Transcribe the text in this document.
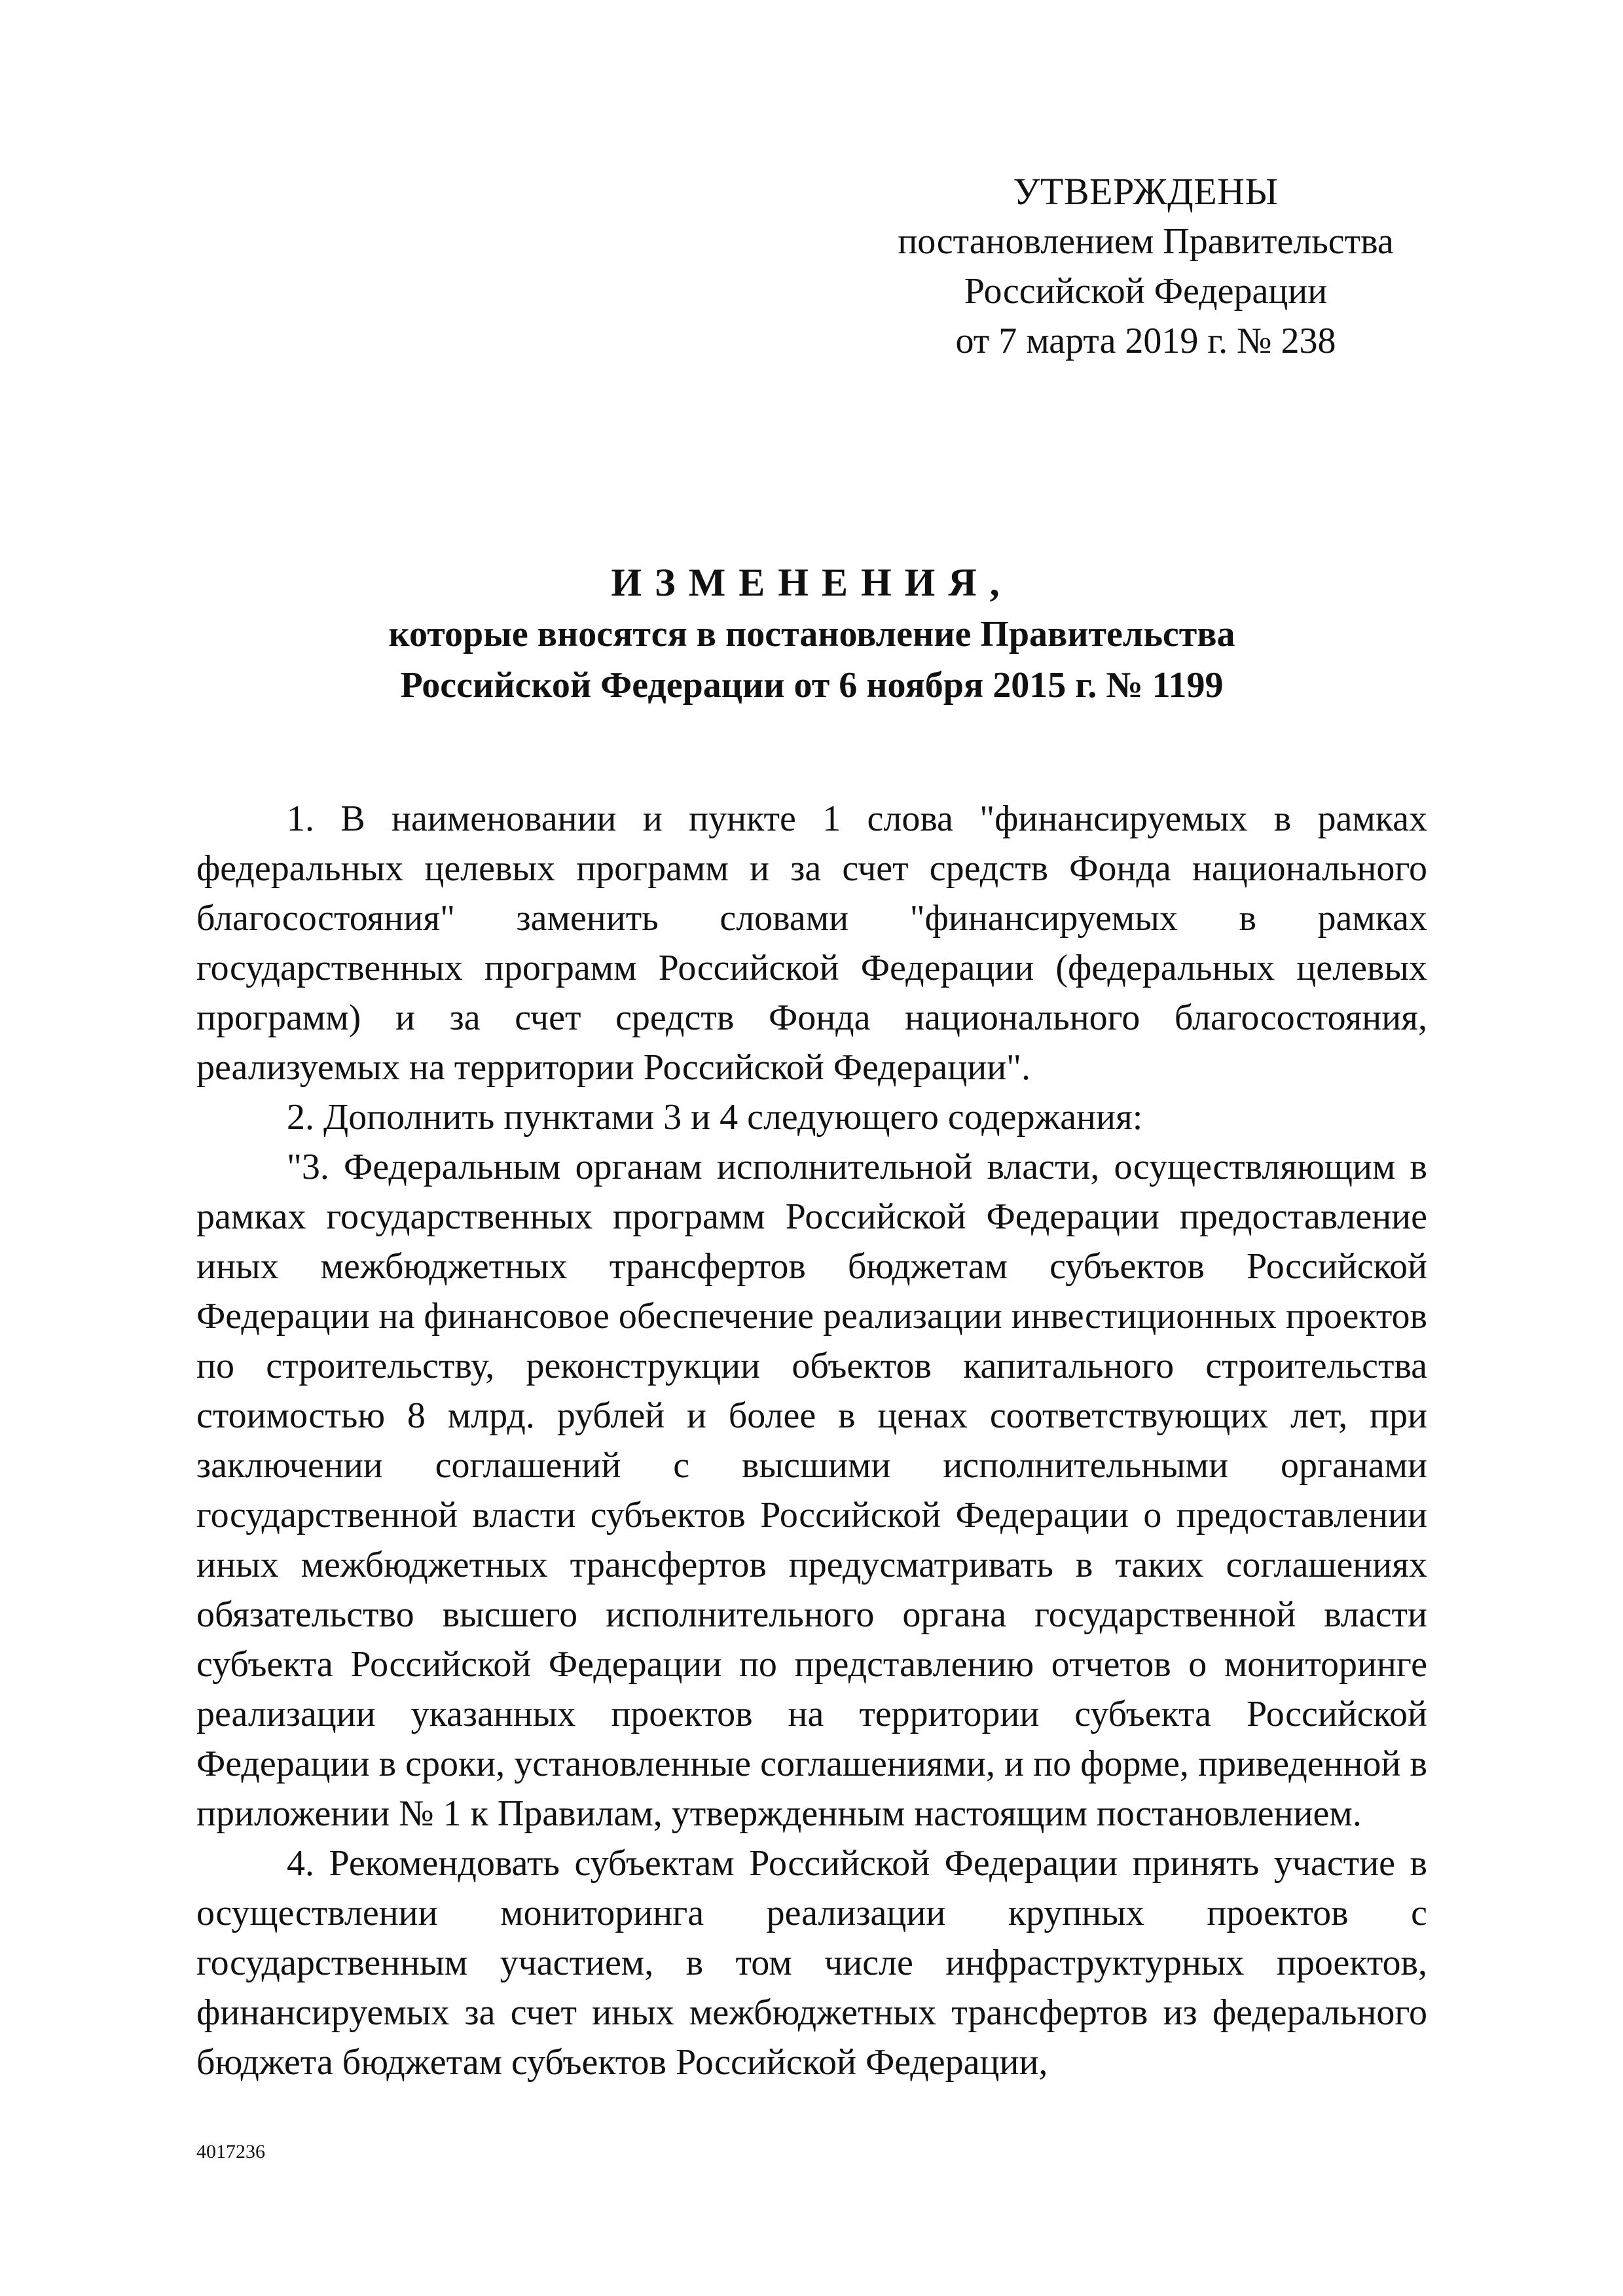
УТВЕРЖДЕНЫ
постановлением Правительства
Российской Федерации
от 7 марта 2019 г. № 238

ИЗМЕНЕНИЯ,

которые вносятся в постановление Правительства

Российской Федерации от 6 ноября 2015 г. № 1199

1. В наименовании и пункте 1 слова "финансируемых в рамках федеральных целевых программ и за счет средств Фонда национального благосостояния" заменить словами "финансируемых в рамках государственных программ Российской Федерации (федеральных целевых программ) и за счет средств Фонда национального благосостояния, реализуемых на территории Российской Федерации".

2. Дополнить пунктами 3 и 4 следующего содержания:

"3. Федеральным органам исполнительной власти, осуществляющим в рамках государственных программ Российской Федерации предоставление иных межбюджетных трансфертов бюджетам субъектов Российской Федерации на финансовое обеспечение реализации инвестиционных проектов по строительству, реконструкции объектов капитального строительства стоимостью 8 млрд. рублей и более в ценах соответствующих лет, при заключении соглашений с высшими исполнительными органами государственной власти субъектов Российской Федерации о предоставлении иных межбюджетных трансфертов предусматривать в таких соглашениях обязательство высшего исполнительного органа государственной власти субъекта Российской Федерации по представлению отчетов о мониторинге реализации указанных проектов на территории субъекта Российской Федерации в сроки, установленные соглашениями, и по форме, приведенной в приложении № 1 к Правилам, утвержденным настоящим постановлением.

4. Рекомендовать субъектам Российской Федерации принять участие в осуществлении мониторинга реализации крупных проектов с государственным участием, в том числе инфраструктурных проектов, финансируемых за счет иных межбюджетных трансфертов из федерального бюджета бюджетам субъектов Российской Федерации,

4017236
